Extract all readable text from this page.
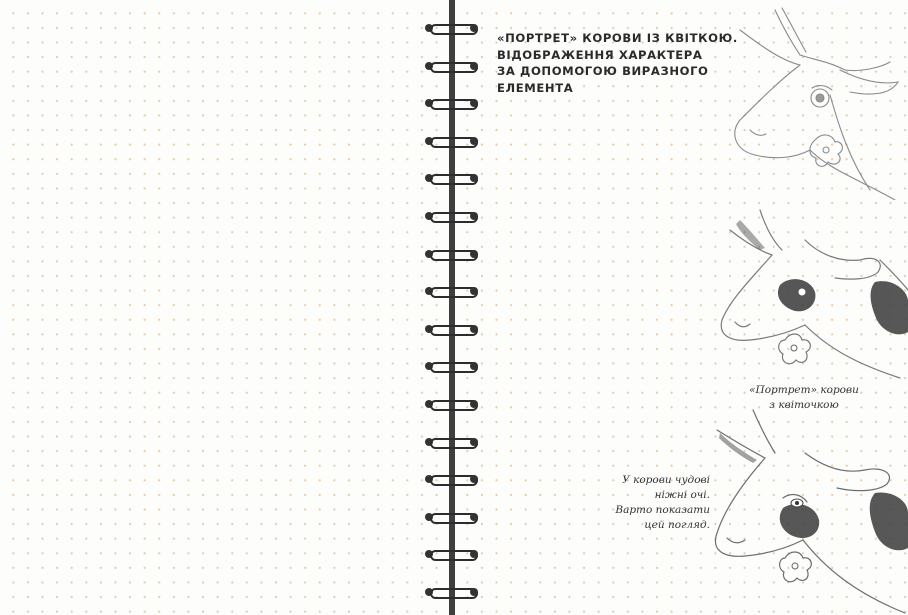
«ПОРТРЕТ» КОРОВИ ІЗ КВІТКОЮ.
ВІДОБРАЖЕННЯ ХАРАКТЕРА
ЗА ДОПОМОГОЮ ВИРАЗНОГО
ЕЛЕМЕНТА

«Портрет» корови
з квіточкою

У корови чудові
ніжні очі.
Варто показати
цей погляд.
